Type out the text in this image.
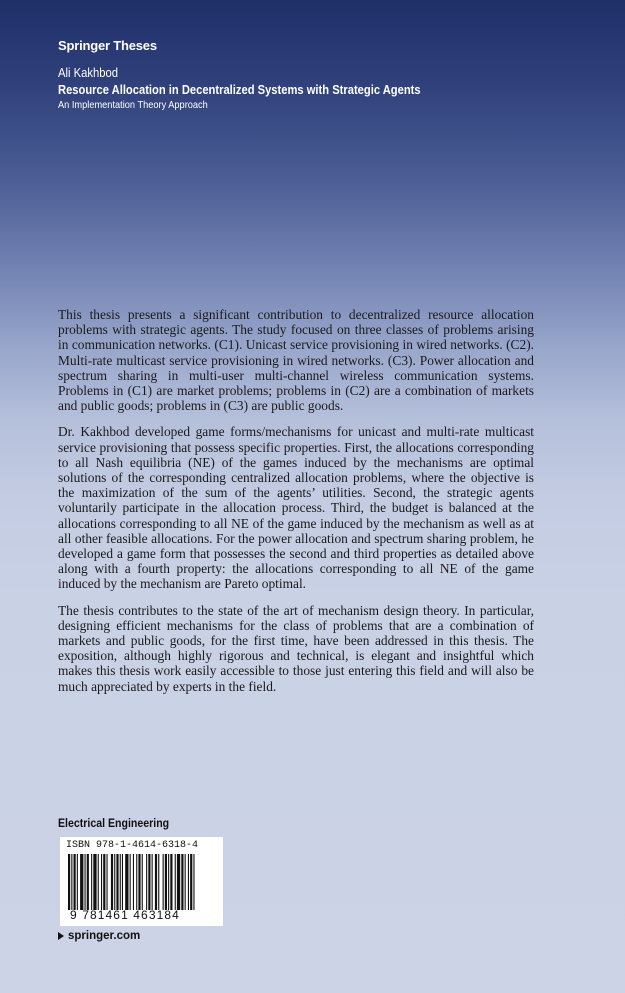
Springer Theses
Ali Kakhbod
Resource Allocation in Decentralized Systems with Strategic Agents
An Implementation Theory Approach

This thesis presents a significant contribution to decentralized resource allocation problems with strategic agents. The study focused on three classes of problems arising in communication networks. (C1). Unicast service provisioning in wired networks. (C2). Multi-rate multicast service provisioning in wired networks. (C3). Power allocation and spectrum sharing in multi-user multi-channel wireless communication systems. Problems in (C1) are market problems; problems in (C2) are a combination of markets and public goods; problems in (C3) are public goods.

Dr. Kakhbod developed game forms/mechanisms for unicast and multi-rate multicast service provisioning that possess specific properties. First, the allocations corresponding to all Nash equilibria (NE) of the games induced by the mechanisms are optimal solutions of the corresponding centralized allocation problems, where the objective is the maximization of the sum of the agents’ utilities. Second, the strategic agents voluntarily participate in the allocation process. Third, the budget is balanced at the allocations corresponding to all NE of the game induced by the mechanism as well as at all other feasible allocations. For the power allocation and spectrum sharing problem, he developed a game form that possesses the second and third properties as detailed above along with a fourth property: the allocations corresponding to all NE of the game induced by the mechanism are Pareto optimal.

The thesis contributes to the state of the art of mechanism design theory. In particular, designing efficient mechanisms for the class of problems that are a combination of markets and public goods, for the first time, have been addressed in this thesis. The exposition, although highly rigorous and technical, is elegant and insightful which makes this thesis work easily accessible to those just entering this field and will also be much appreciated by experts in the field.

Electrical Engineering
ISBN 978-1-4614-6318-4
9 781461 463184
springer.com
